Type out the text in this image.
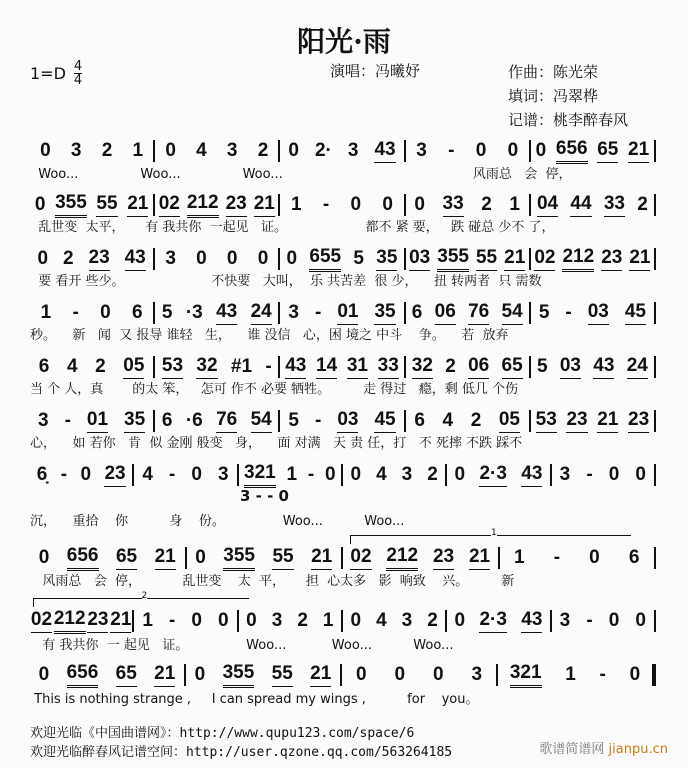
阳光·雨
$1=D \frac{4}{4}$	演唱：冯曦妤	作曲：陈光荣
填词：冯翠桦
记谱：桃李醉春风
0 3 2 1 0 4 3 2 0 2· 3 43 3 - 0 0 0 656 65 21
Woo...               Woo...               Woo...                                              风雨总   会  停，
0 355 55 21 02 212 23 21 1 - 0 0 0 33 2 1 04 44 33 2
乱世变  太平，     有 我共你  一起见   证。                   都不 紧 要，   跌 碰总 少不 了，
0 2 23 43 3 0 0 0 0 655 5 35 03 355 55 21 02 212 23 21
要 看开 些少。                     不快要   大叫，  乐 共苦差  很 少，    扭 转两者  只 需数
1 - 0 6 5 ·3 43 24 3 - 01 35 6 06 76 54 5 - 03 45
秒。    新   闻  又 报导 谁轻   生，    谁 没信   心，困 境之 中斗    争。    若  放弃
6 4 2 05 53 32 #1 - 43 14 31 33 32 2 06 65 5 03 43 24
当 个 人，真       的太 笨，   怎可 作不 必要 牺牲。        走 得过   瘾，剩 低几 个伤
3 - 01 35 6 ·6 76 54 5 - 03 45 6 4 2 05 53 23 21 23
心，    如 若你   肯  似 金刚 般变   身，    面 对满   天 责 任，打   不 死摔 不跌 踩不
6̣ - 0 23 4 - 0 3 321 1 - 0 0 4 3 2 0 2·3 43 3 - 0 0
沉，    重拾    你          身    份。              Woo...          Woo...
0 656 65 21 0 355 55 21 02 212 23 21 1 - 0 6
风雨总   会  停，          乱世变    太  平，     担  心太多   影  响致    兴。        新
02 212 23 21 1 - 0 0 0 3 2 1 0 4 3 2 0 2·3 43 3 - 0 0
有 我共你  一 起见   证。              Woo...           Woo...          Woo...
0 656 65 21 0 355 55 21 0 0 0 3 321 1 - 0
This is nothing strange ,     I can spread my wings ,          for    you。
3 - - 0
1
2
欢迎光临《中国曲谱网》：http://www.qupu123.com/space/6
欢迎光临醉春风记谱空间：http://user.qzone.qq.com/563264185	歌谱简谱网 jianpu.cn
